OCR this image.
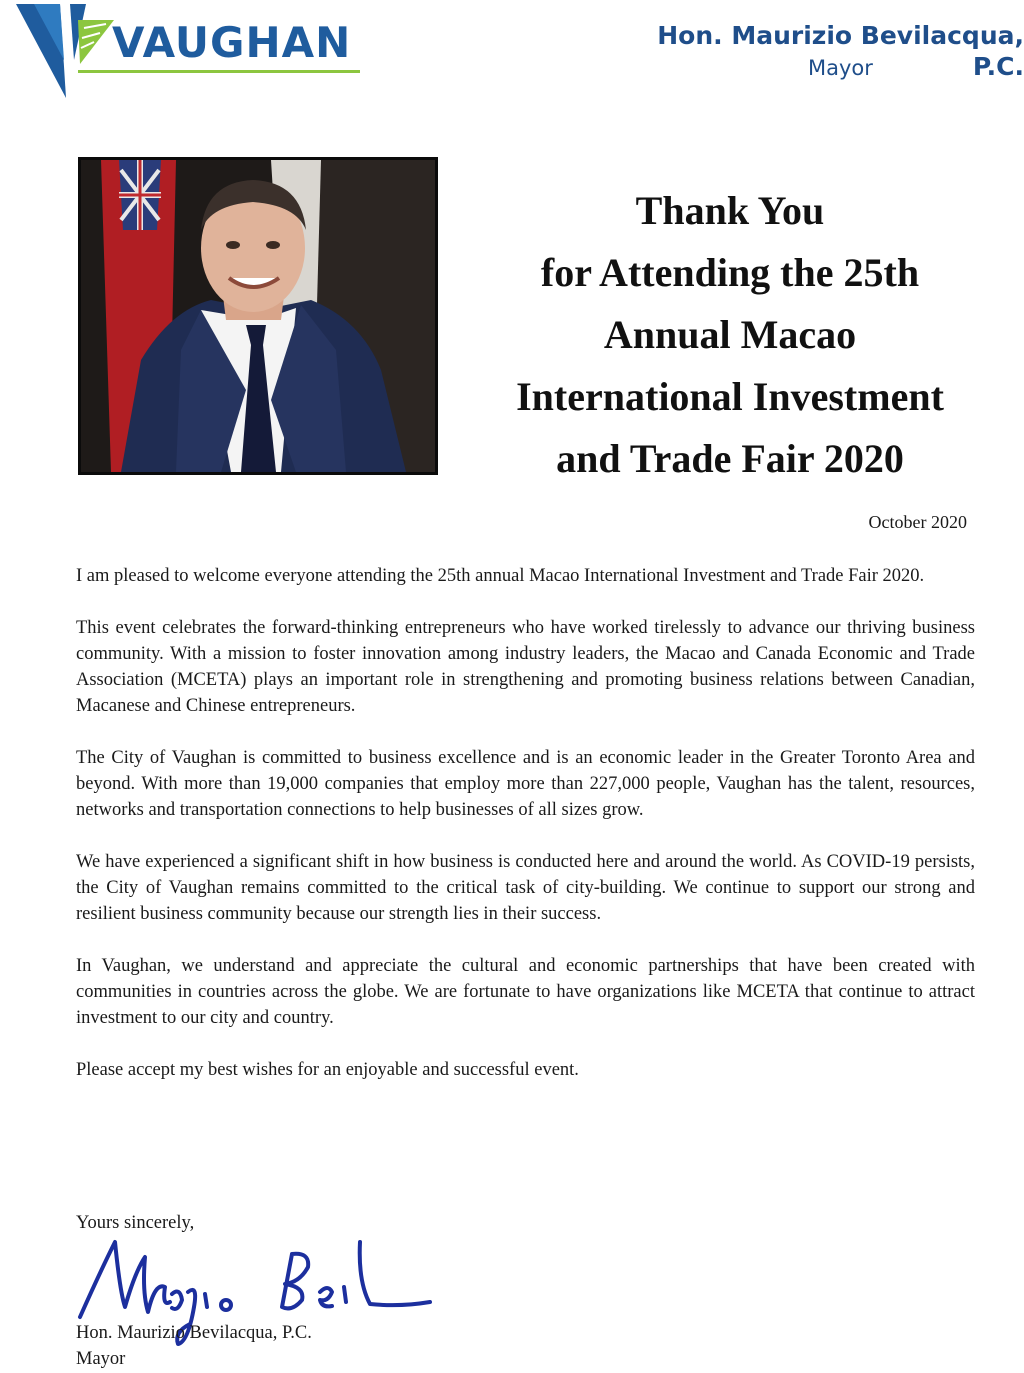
VAUGHAN	Hon. Maurizio Bevilacqua, P.C.
Mayor
Thank You
for Attending the 25th
Annual Macao
International Investment
and Trade Fair 2020
October 2020

I am pleased to welcome everyone attending the 25th annual Macao International Investment and Trade Fair 2020.

This event celebrates the forward-thinking entrepreneurs who have worked tirelessly to advance our thriving business community. With a mission to foster innovation among industry leaders, the Macao and Canada Economic and Trade Association (MCETA) plays an important role in strengthening and promoting business relations between Canadian, Macanese and Chinese entrepreneurs.

The City of Vaughan is committed to business excellence and is an economic leader in the Greater Toronto Area and beyond. With more than 19,000 companies that employ more than 227,000 people, Vaughan has the talent, resources, networks and transportation connections to help businesses of all sizes grow.

We have experienced a significant shift in how business is conducted here and around the world. As COVID-19 persists, the City of Vaughan remains committed to the critical task of city-building. We continue to support our strong and resilient business community because our strength lies in their success.

In Vaughan, we understand and appreciate the cultural and economic partnerships that have been created with communities in countries across the globe. We are fortunate to have organizations like MCETA that continue to attract investment to our city and country.

Please accept my best wishes for an enjoyable and successful event.

Yours sincerely,
Hon. Maurizio Bevilacqua, P.C.
Mayor
